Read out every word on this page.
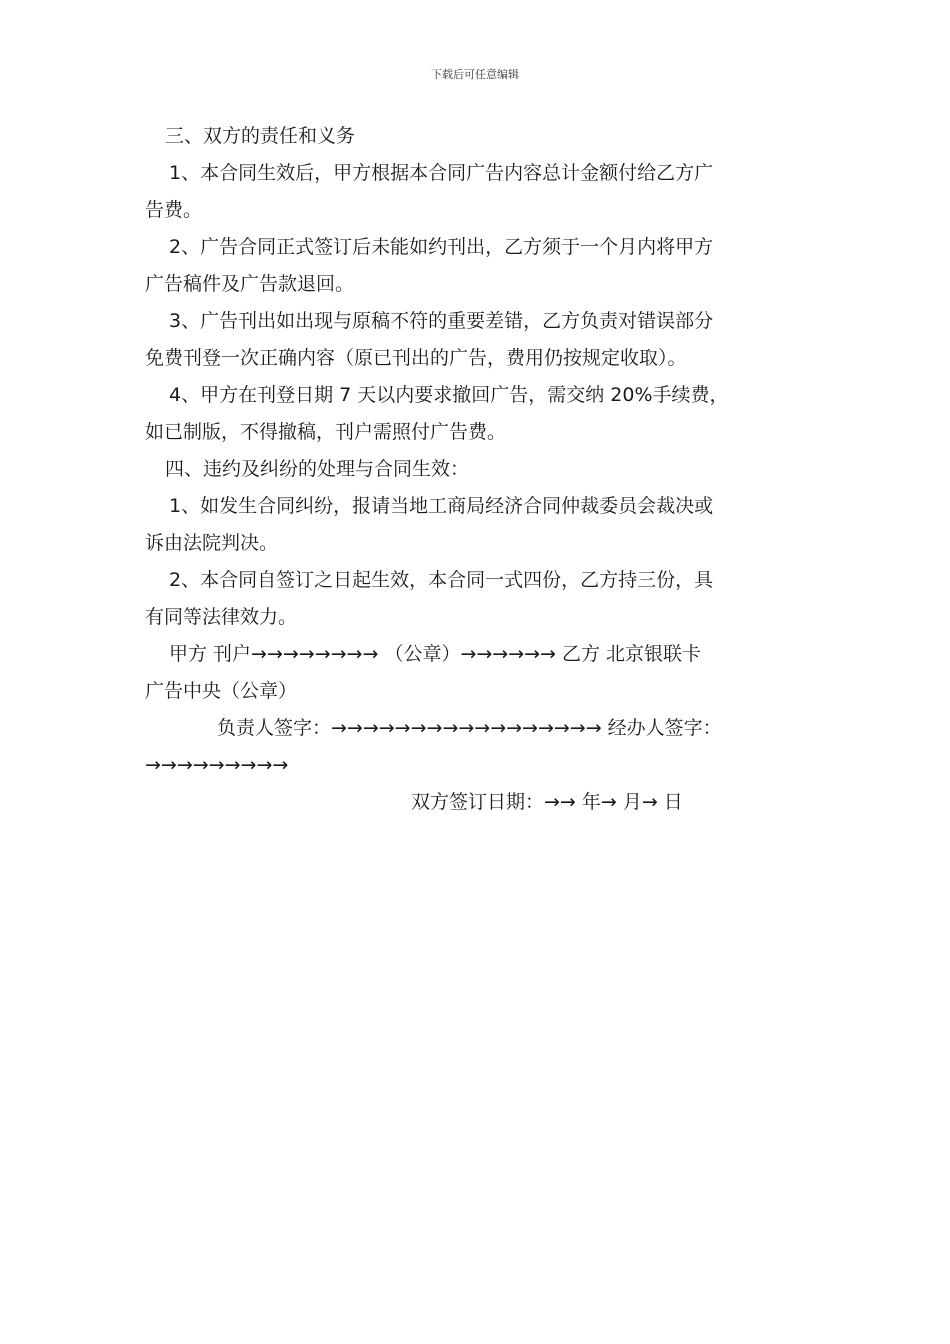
下载后可任意编辑
三、双方的责任和义务
1、本合同生效后，甲方根据本合同广告内容总计金额付给乙方广
告费。
2、广告合同正式签订后未能如约刊出，乙方须于一个月内将甲方
广告稿件及广告款退回。
3、广告刊出如出现与原稿不符的重要差错，乙方负责对错误部分
免费刊登一次正确内容（原已刊出的广告，费用仍按规定收取）。
4、甲方在刊登日期 7 天以内要求撤回广告，需交纳 20%手续费，
如已制版，不得撤稿，刊户需照付广告费。
四、违约及纠纷的处理与合同生效：
1、如发生合同纠纷，报请当地工商局经济合同仲裁委员会裁决或
诉由法院判决。
2、本合同自签订之日起生效，本合同一式四份，乙方持三份，具
有同等法律效力。
甲方 刊户→→→→→→→→ （公章）→→→→→→ 乙方 北京银联卡
广告中央（公章）
负责人签字：→→→→→→→→→→→→→→→→→ 经办人签字：
→→→→→→→→→
双方签订日期：→→ 年→ 月→ 日
